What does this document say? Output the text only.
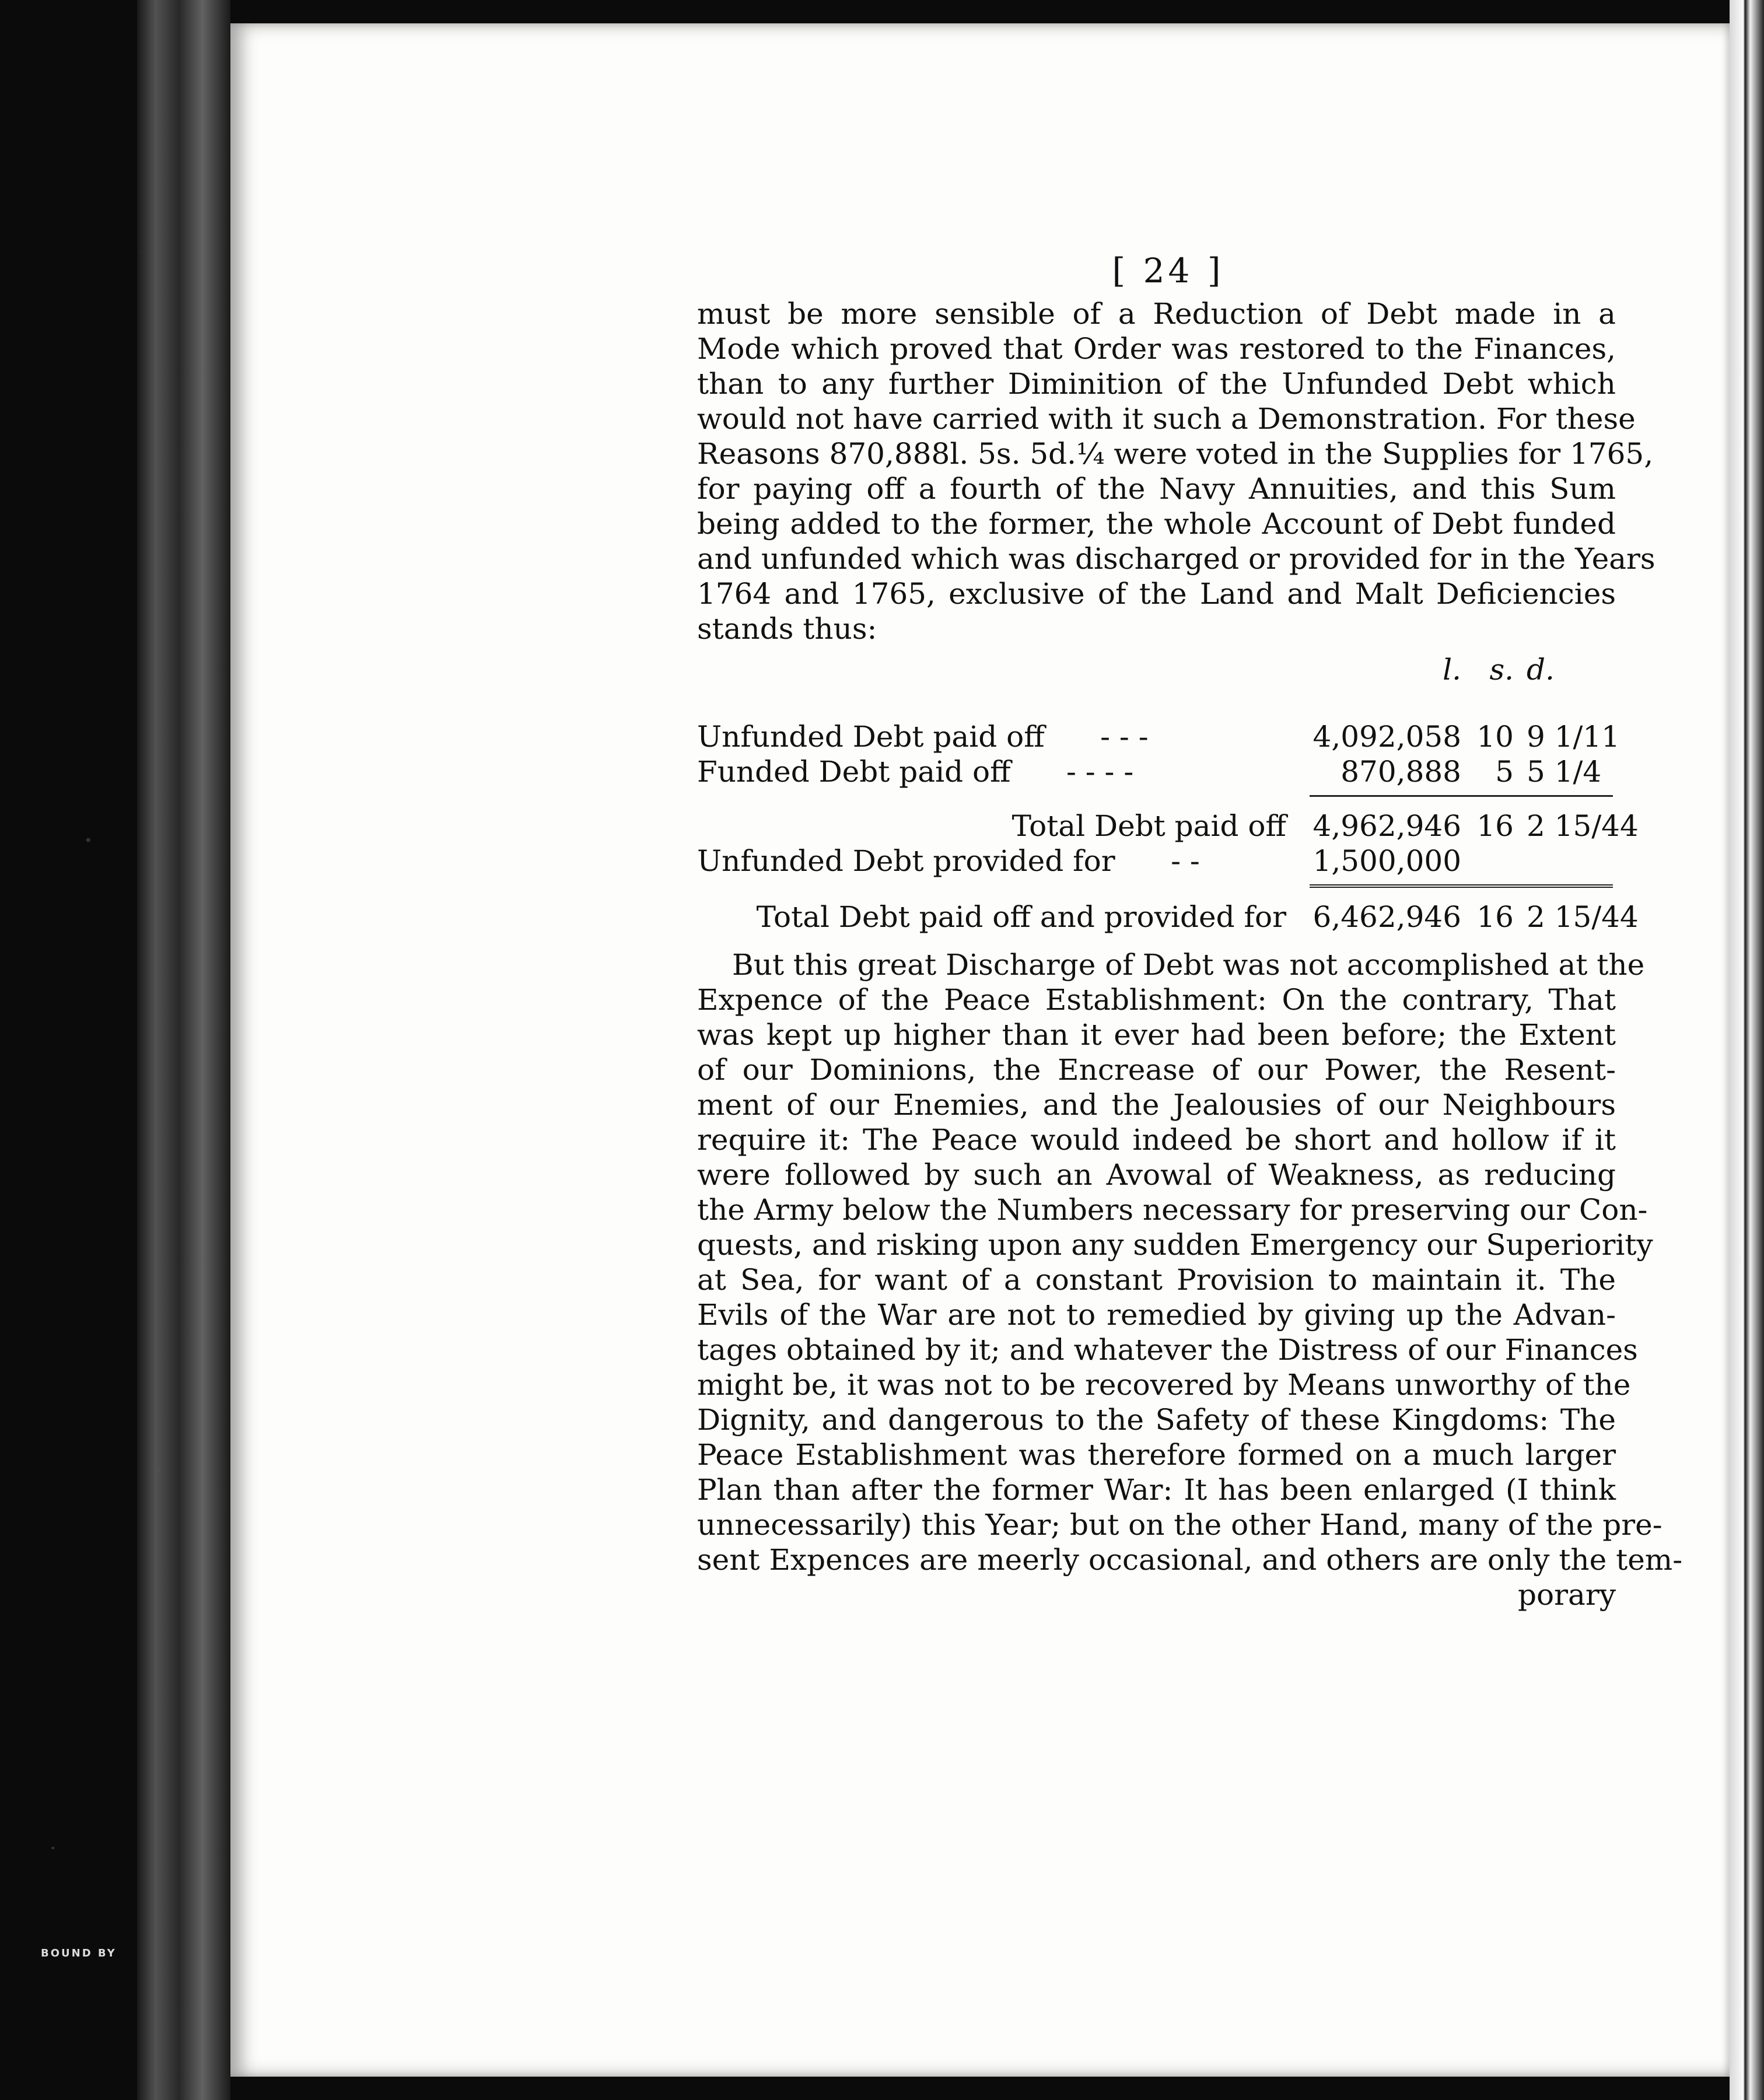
BOUND BY
[ 24 ]
must be more sensible of a Reduction of Debt made in a
Mode which proved that Order was restored to the Finances,
than to any further Diminition of the Unfunded Debt which
would not have carried with it such a Demonstration. For these
Reasons 870,888l. 5s. 5d.¼ were voted in the Supplies for 1765,
for paying off a fourth of the Navy Annuities, and this Sum
being added to the former, the whole Account of Debt funded
and unfunded which was discharged or provided for in the Years
1764 and 1765, exclusive of the Land and Malt Deficiencies
stands thus:
l. s. d.
Unfunded Debt paid off - - -	4,092,058 10 9 1/11
Funded Debt paid off - - - -	870,888	5 5 1/4
Total Debt paid off 4,962,946 16 2 15/44
Unfunded Debt provided for - -	1,500,000
Total Debt paid off and provided for 6,462,946 16 2 15/44
But this great Discharge of Debt was not accomplished at the
Expence of the Peace Establishment: On the contrary, That
was kept up higher than it ever had been before; the Extent
of our Dominions, the Encrease of our Power, the Resent-
ment of our Enemies, and the Jealousies of our Neighbours
require it: The Peace would indeed be short and hollow if it
were followed by such an Avowal of Weakness, as reducing
the Army below the Numbers necessary for preserving our Con-
quests, and risking upon any sudden Emergency our Superiority
at Sea, for want of a constant Provision to maintain it. The
Evils of the War are not to remedied by giving up the Advan-
tages obtained by it; and whatever the Distress of our Finances
might be, it was not to be recovered by Means unworthy of the
Dignity, and dangerous to the Safety of these Kingdoms: The
Peace Establishment was therefore formed on a much larger
Plan than after the former War: It has been enlarged (I think
unnecessarily) this Year; but on the other Hand, many of the pre-
sent Expences are meerly occasional, and others are only the tem-
porary
